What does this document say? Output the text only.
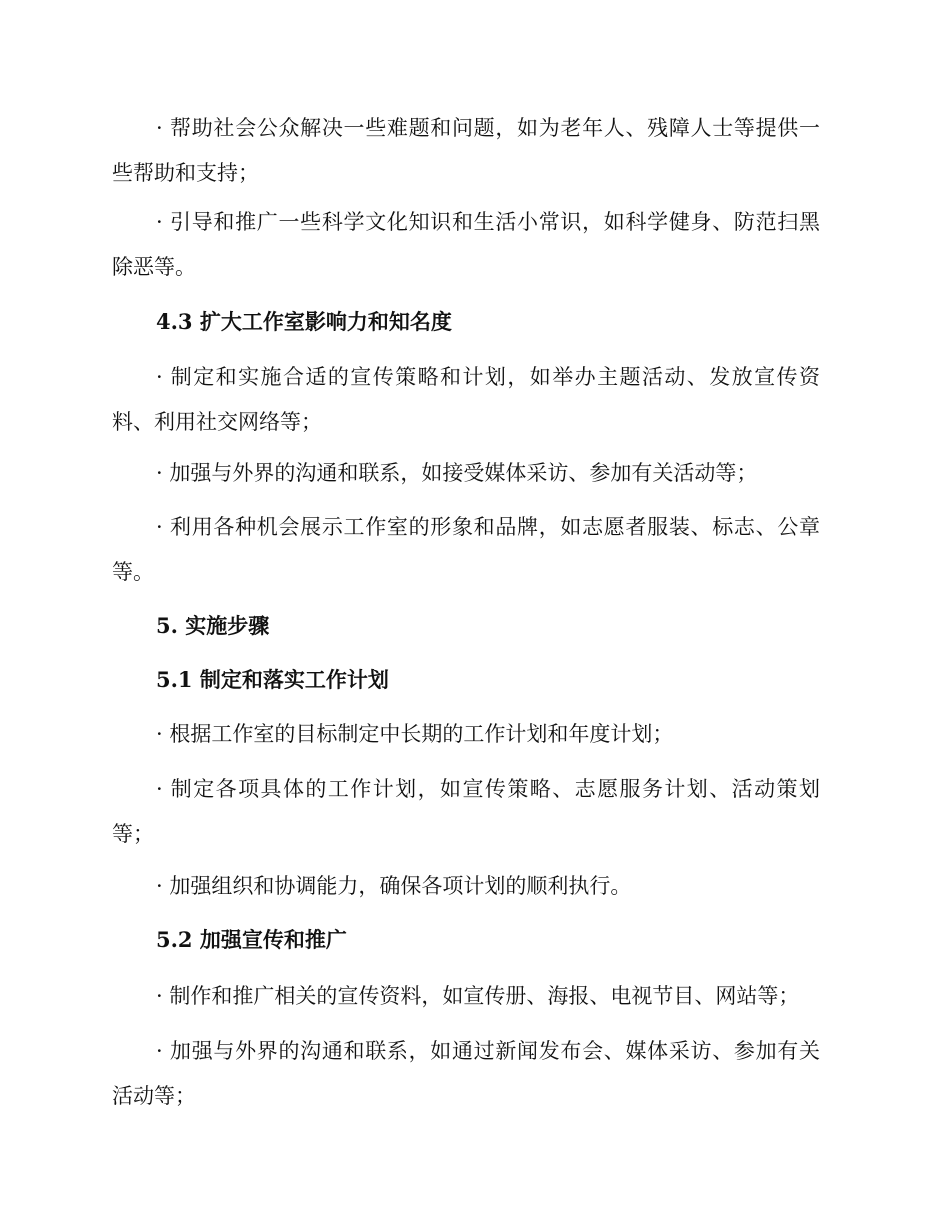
· 帮助社会公众解决一些难题和问题，如为老年人、残障人士等提供一些帮助和支持；

· 引导和推广一些科学文化知识和生活小常识，如科学健身、防范扫黑除恶等。

4.3 扩大工作室影响力和知名度

· 制定和实施合适的宣传策略和计划，如举办主题活动、发放宣传资料、利用社交网络等；

· 加强与外界的沟通和联系，如接受媒体采访、参加有关活动等；

· 利用各种机会展示工作室的形象和品牌，如志愿者服装、标志、公章等。

5. 实施步骤

5.1 制定和落实工作计划

· 根据工作室的目标制定中长期的工作计划和年度计划；

· 制定各项具体的工作计划，如宣传策略、志愿服务计划、活动策划等；

· 加强组织和协调能力，确保各项计划的顺利执行。

5.2 加强宣传和推广

· 制作和推广相关的宣传资料，如宣传册、海报、电视节目、网站等；

· 加强与外界的沟通和联系，如通过新闻发布会、媒体采访、参加有关活动等；
